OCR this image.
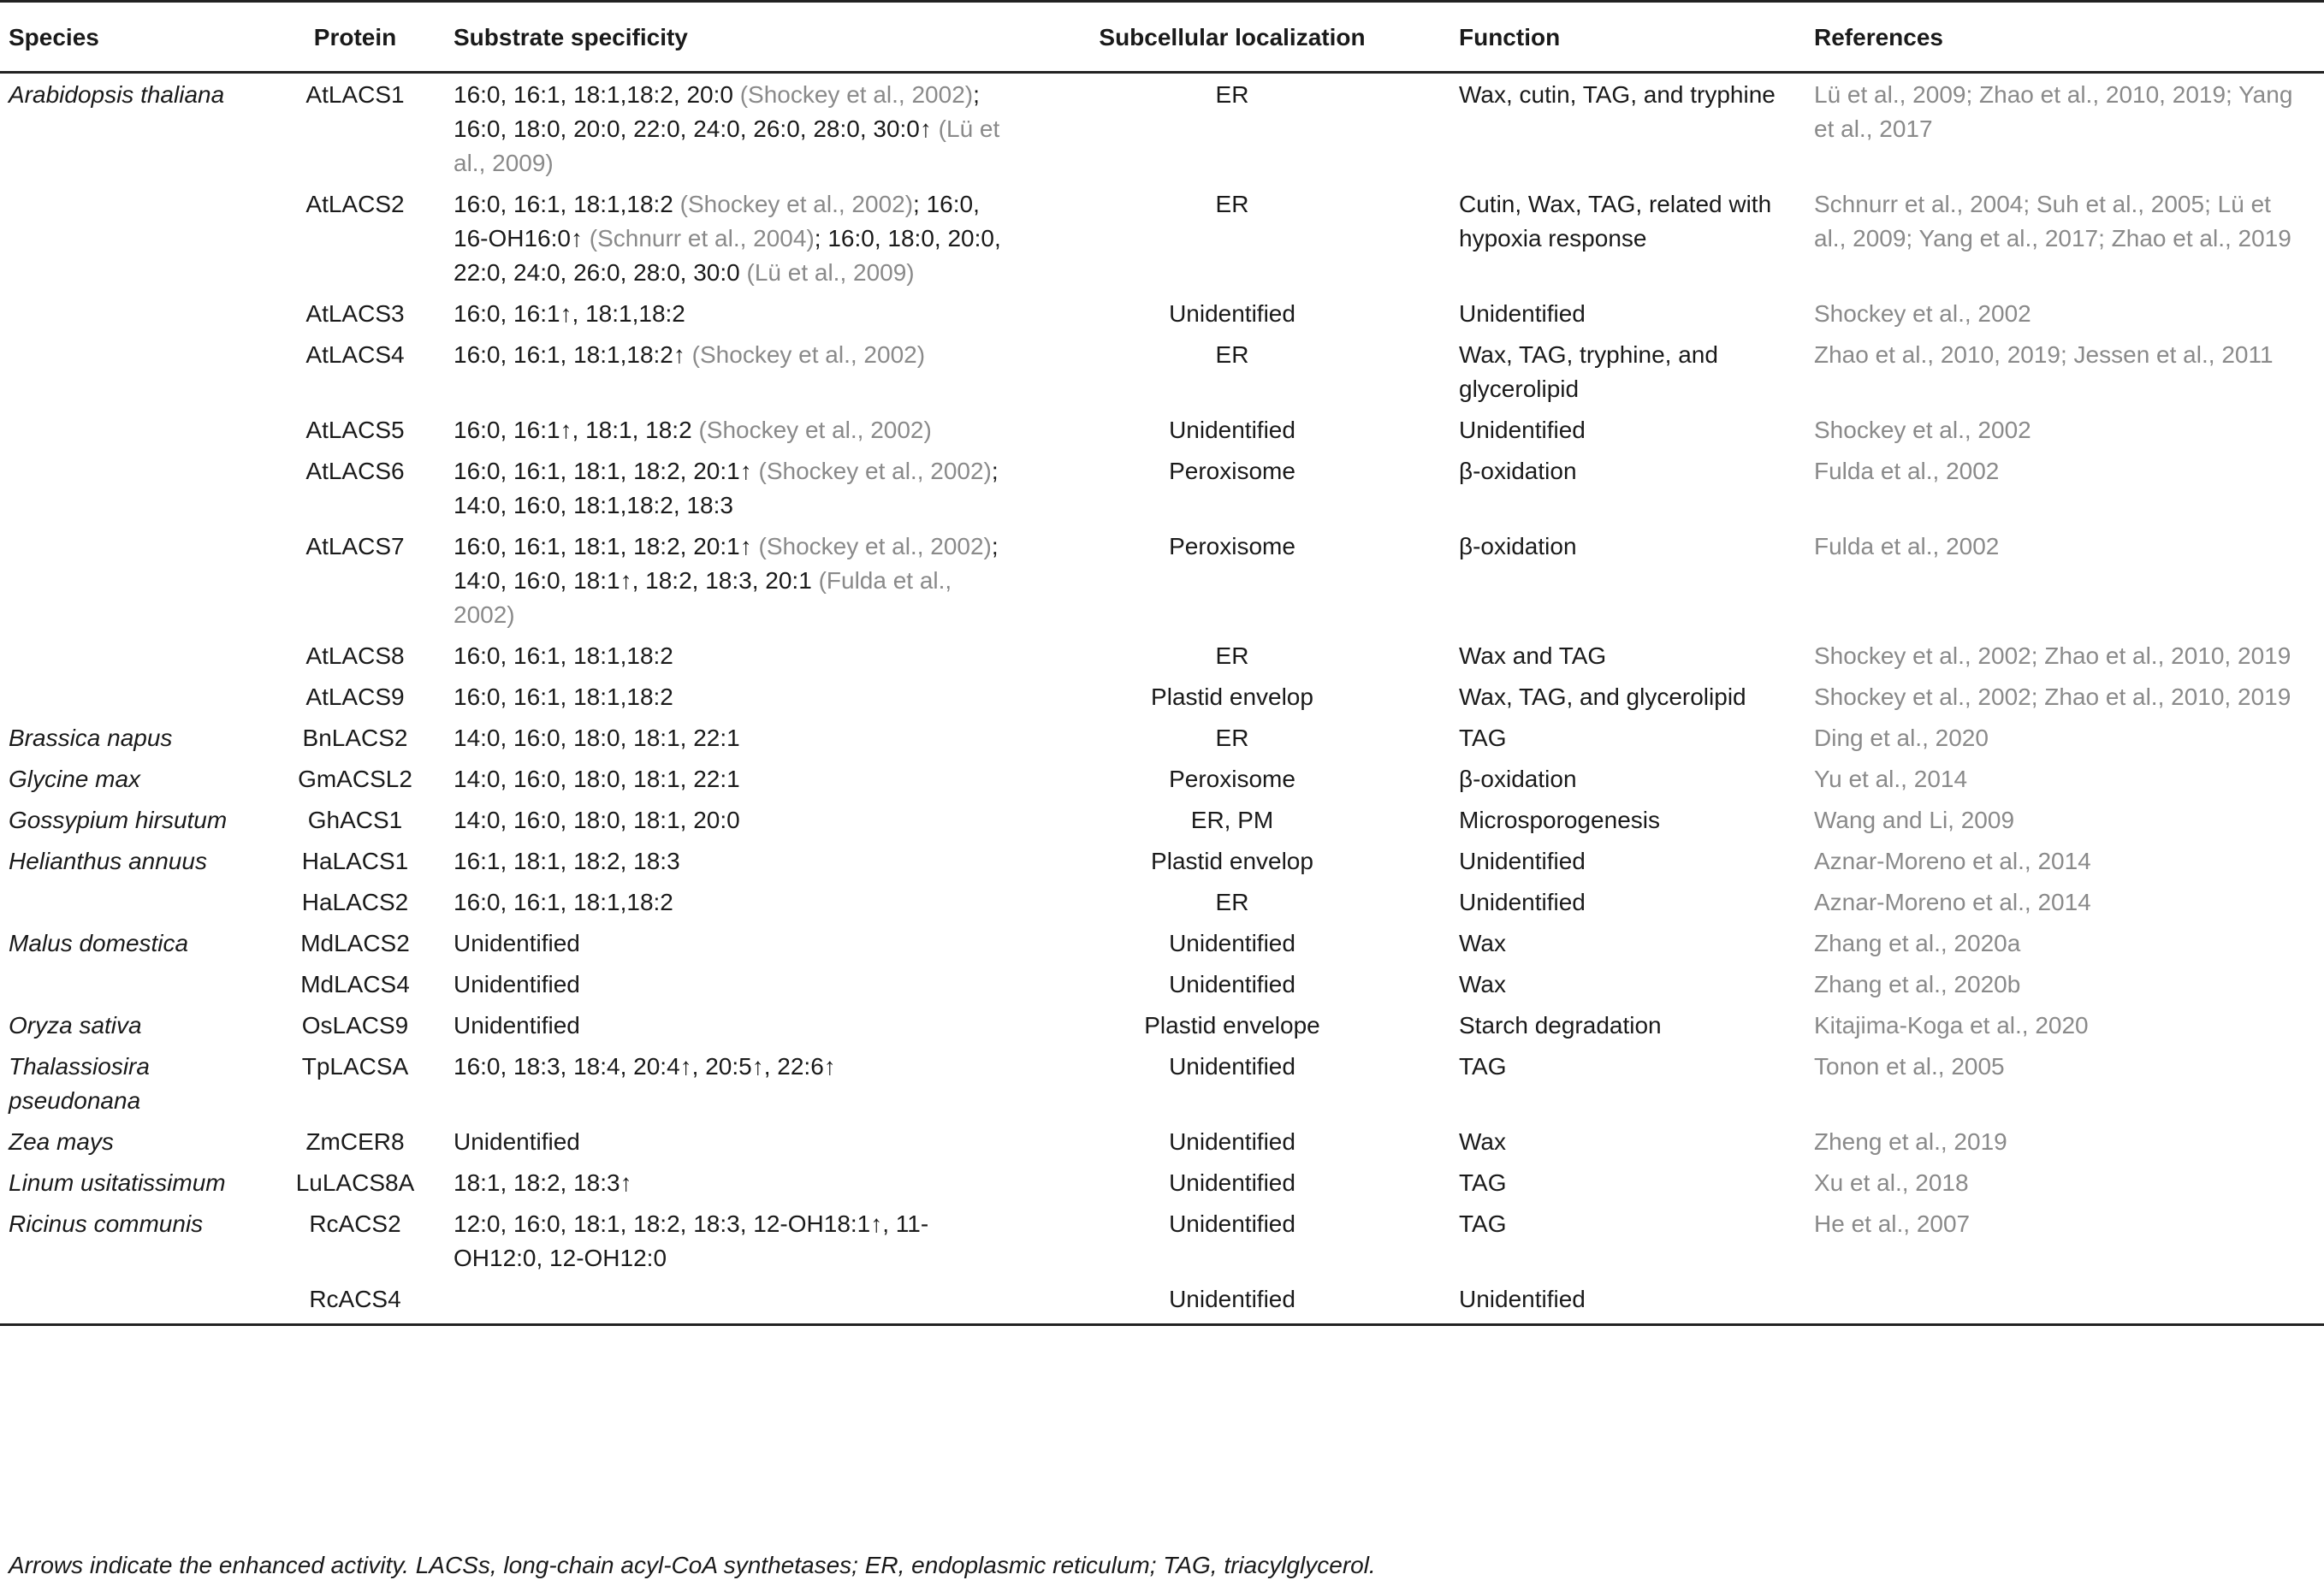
Species	Protein	Substrate specificity	Subcellular localization	Function	References
Arabidopsis thaliana	AtLACS1	16:0, 16:1, 18:1,18:2, 20:0 (Shockey et al., 2002); 16:0, 18:0, 20:0, 22:0, 24:0, 26:0, 28:0, 30:0↑ (Lü et al., 2009)	ER	Wax, cutin, TAG, and tryphine	Lü et al., 2009; Zhao et al., 2010, 2019; Yang et al., 2017
	AtLACS2	16:0, 16:1, 18:1,18:2 (Shockey et al., 2002); 16:0, 16-OH16:0↑ (Schnurr et al., 2004); 16:0, 18:0, 20:0, 22:0, 24:0, 26:0, 28:0, 30:0 (Lü et al., 2009)	ER	Cutin, Wax, TAG, related with hypoxia response	Schnurr et al., 2004; Suh et al., 2005; Lü et al., 2009; Yang et al., 2017; Zhao et al., 2019
	AtLACS3	16:0, 16:1↑, 18:1,18:2	Unidentified	Unidentified	Shockey et al., 2002
	AtLACS4	16:0, 16:1, 18:1,18:2↑ (Shockey et al., 2002)	ER	Wax, TAG, tryphine, and glycerolipid	Zhao et al., 2010, 2019; Jessen et al., 2011
	AtLACS5	16:0, 16:1↑, 18:1, 18:2 (Shockey et al., 2002)	Unidentified	Unidentified	Shockey et al., 2002
	AtLACS6	16:0, 16:1, 18:1, 18:2, 20:1↑ (Shockey et al., 2002); 14:0, 16:0, 18:1,18:2, 18:3	Peroxisome	β-oxidation	Fulda et al., 2002
	AtLACS7	16:0, 16:1, 18:1, 18:2, 20:1↑ (Shockey et al., 2002); 14:0, 16:0, 18:1↑, 18:2, 18:3, 20:1 (Fulda et al., 2002)	Peroxisome	β-oxidation	Fulda et al., 2002
	AtLACS8	16:0, 16:1, 18:1,18:2	ER	Wax and TAG	Shockey et al., 2002; Zhao et al., 2010, 2019
	AtLACS9	16:0, 16:1, 18:1,18:2	Plastid envelop	Wax, TAG, and glycerolipid	Shockey et al., 2002; Zhao et al., 2010, 2019
Brassica napus	BnLACS2	14:0, 16:0, 18:0, 18:1, 22:1	ER	TAG	Ding et al., 2020
Glycine max	GmACSL2	14:0, 16:0, 18:0, 18:1, 22:1	Peroxisome	β-oxidation	Yu et al., 2014
Gossypium hirsutum	GhACS1	14:0, 16:0, 18:0, 18:1, 20:0	ER, PM	Microsporogenesis	Wang and Li, 2009
Helianthus annuus	HaLACS1	16:1, 18:1, 18:2, 18:3	Plastid envelop	Unidentified	Aznar-Moreno et al., 2014
	HaLACS2	16:0, 16:1, 18:1,18:2	ER	Unidentified	Aznar-Moreno et al., 2014
Malus domestica	MdLACS2	Unidentified	Unidentified	Wax	Zhang et al., 2020a
	MdLACS4	Unidentified	Unidentified	Wax	Zhang et al., 2020b
Oryza sativa	OsLACS9	Unidentified	Plastid envelope	Starch degradation	Kitajima-Koga et al., 2020
Thalassiosira pseudonana	TpLACSA	16:0, 18:3, 18:4, 20:4↑, 20:5↑, 22:6↑	Unidentified	TAG	Tonon et al., 2005
Zea mays	ZmCER8	Unidentified	Unidentified	Wax	Zheng et al., 2019
Linum usitatissimum	LuLACS8A	18:1, 18:2, 18:3↑	Unidentified	TAG	Xu et al., 2018
Ricinus communis	RcACS2	12:0, 16:0, 18:1, 18:2, 18:3, 12-OH18:1↑, 11-OH12:0, 12-OH12:0	Unidentified	TAG	He et al., 2007
	RcACS4		Unidentified	Unidentified	
Arrows indicate the enhanced activity. LACSs, long-chain acyl-CoA synthetases; ER, endoplasmic reticulum; TAG, triacylglycerol.
